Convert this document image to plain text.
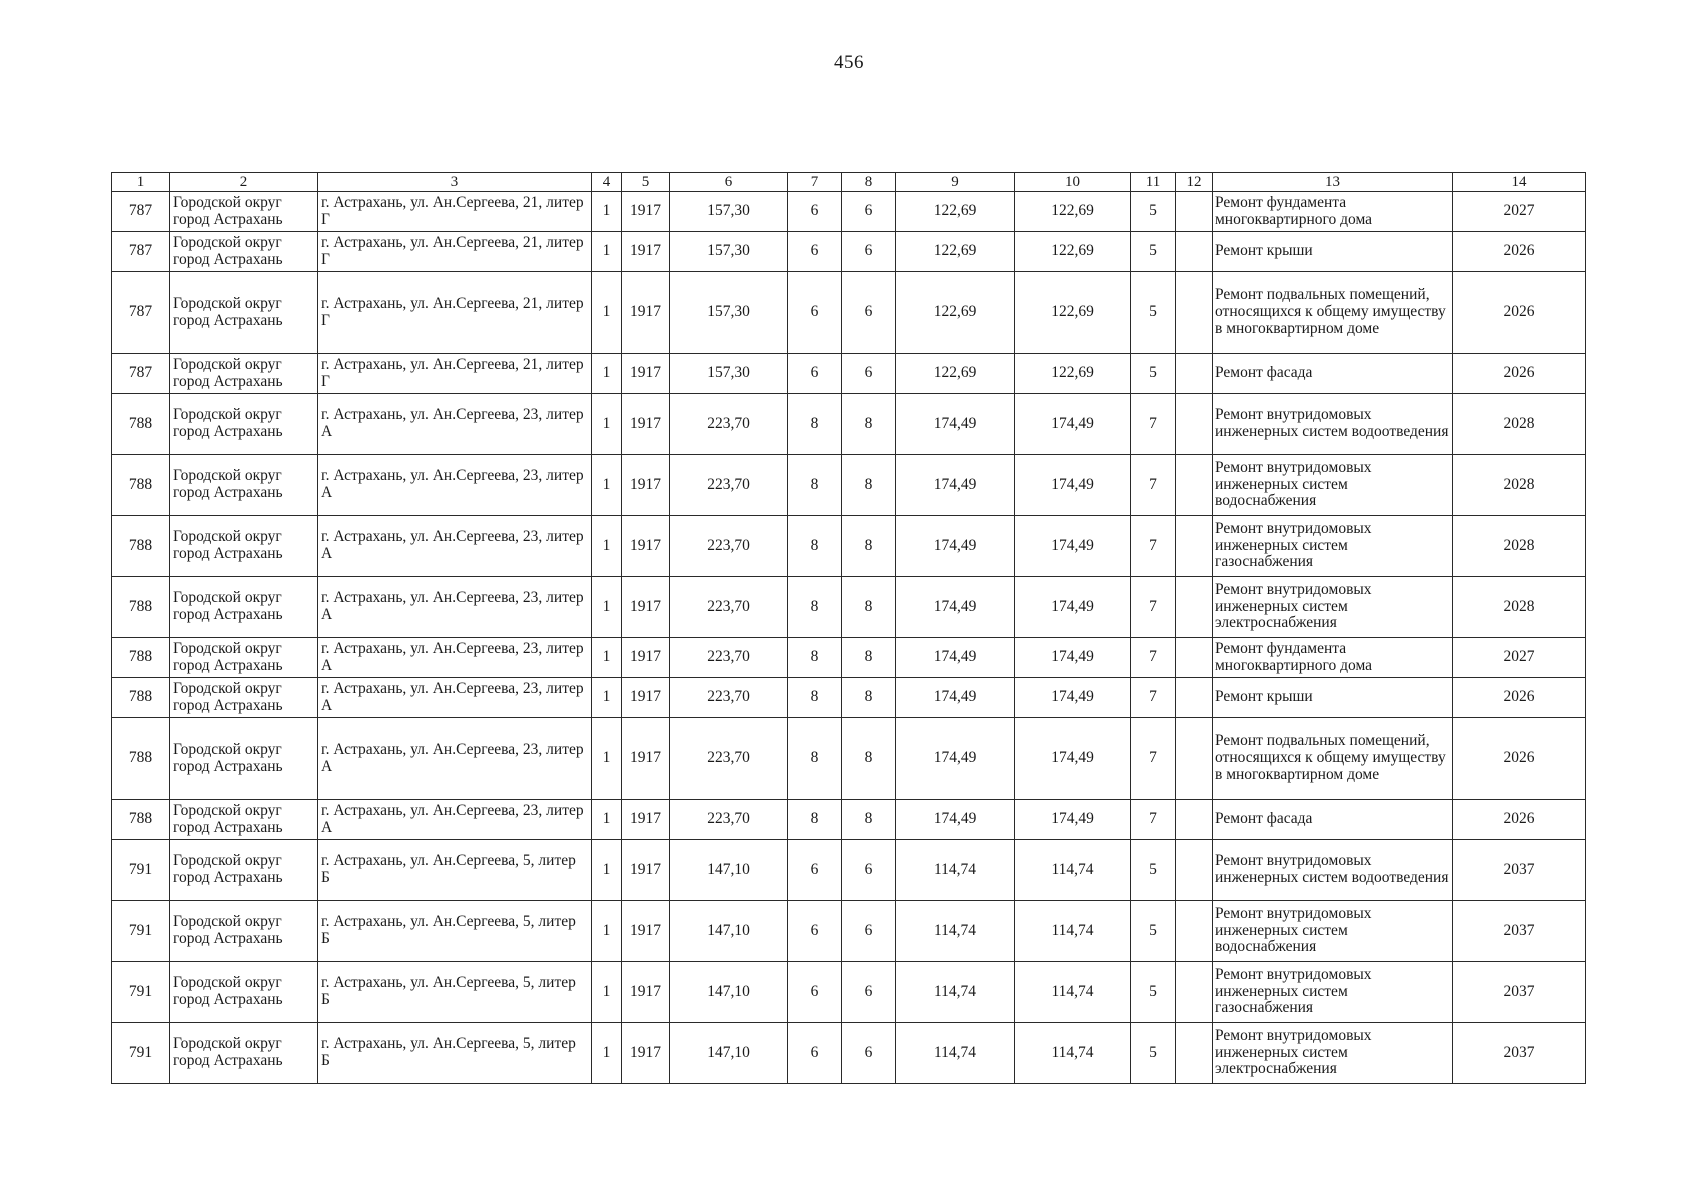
456
1	2	3	4	5	6	7	8	9	10	11	12	13	14
787	Городской округ город Астрахань	г. Астрахань, ул. Ан.Сергеева, 21, литер Г	1	1917	157,30	6	6	122,69	122,69	5		Ремонт фундамента многоквартирного дома	2027
787	Городской округ город Астрахань	г. Астрахань, ул. Ан.Сергеева, 21, литер Г	1	1917	157,30	6	6	122,69	122,69	5		Ремонт крыши	2026
787	Городской округ город Астрахань	г. Астрахань, ул. Ан.Сергеева, 21, литер Г	1	1917	157,30	6	6	122,69	122,69	5		Ремонт подвальных помещений, относящихся к общему имуществу в многоквартирном доме	2026
787	Городской округ город Астрахань	г. Астрахань, ул. Ан.Сергеева, 21, литер Г	1	1917	157,30	6	6	122,69	122,69	5		Ремонт фасада	2026
788	Городской округ город Астрахань	г. Астрахань, ул. Ан.Сергеева, 23, литер А	1	1917	223,70	8	8	174,49	174,49	7		Ремонт внутридомовых инженерных систем водоотведения	2028
788	Городской округ город Астрахань	г. Астрахань, ул. Ан.Сергеева, 23, литер А	1	1917	223,70	8	8	174,49	174,49	7		Ремонт внутридомовых инженерных систем водоснабжения	2028
788	Городской округ город Астрахань	г. Астрахань, ул. Ан.Сергеева, 23, литер А	1	1917	223,70	8	8	174,49	174,49	7		Ремонт внутридомовых инженерных систем газоснабжения	2028
788	Городской округ город Астрахань	г. Астрахань, ул. Ан.Сергеева, 23, литер А	1	1917	223,70	8	8	174,49	174,49	7		Ремонт внутридомовых инженерных систем электроснабжения	2028
788	Городской округ город Астрахань	г. Астрахань, ул. Ан.Сергеева, 23, литер А	1	1917	223,70	8	8	174,49	174,49	7		Ремонт фундамента многоквартирного дома	2027
788	Городской округ город Астрахань	г. Астрахань, ул. Ан.Сергеева, 23, литер А	1	1917	223,70	8	8	174,49	174,49	7		Ремонт крыши	2026
788	Городской округ город Астрахань	г. Астрахань, ул. Ан.Сергеева, 23, литер А	1	1917	223,70	8	8	174,49	174,49	7		Ремонт подвальных помещений, относящихся к общему имуществу в многоквартирном доме	2026
788	Городской округ город Астрахань	г. Астрахань, ул. Ан.Сергеева, 23, литер А	1	1917	223,70	8	8	174,49	174,49	7		Ремонт фасада	2026
791	Городской округ город Астрахань	г. Астрахань, ул. Ан.Сергеева, 5, литер Б	1	1917	147,10	6	6	114,74	114,74	5		Ремонт внутридомовых инженерных систем водоотведения	2037
791	Городской округ город Астрахань	г. Астрахань, ул. Ан.Сергеева, 5, литер Б	1	1917	147,10	6	6	114,74	114,74	5		Ремонт внутридомовых инженерных систем водоснабжения	2037
791	Городской округ город Астрахань	г. Астрахань, ул. Ан.Сергеева, 5, литер Б	1	1917	147,10	6	6	114,74	114,74	5		Ремонт внутридомовых инженерных систем газоснабжения	2037
791	Городской округ город Астрахань	г. Астрахань, ул. Ан.Сергеева, 5, литер Б	1	1917	147,10	6	6	114,74	114,74	5		Ремонт внутридомовых инженерных систем электроснабжения	2037
